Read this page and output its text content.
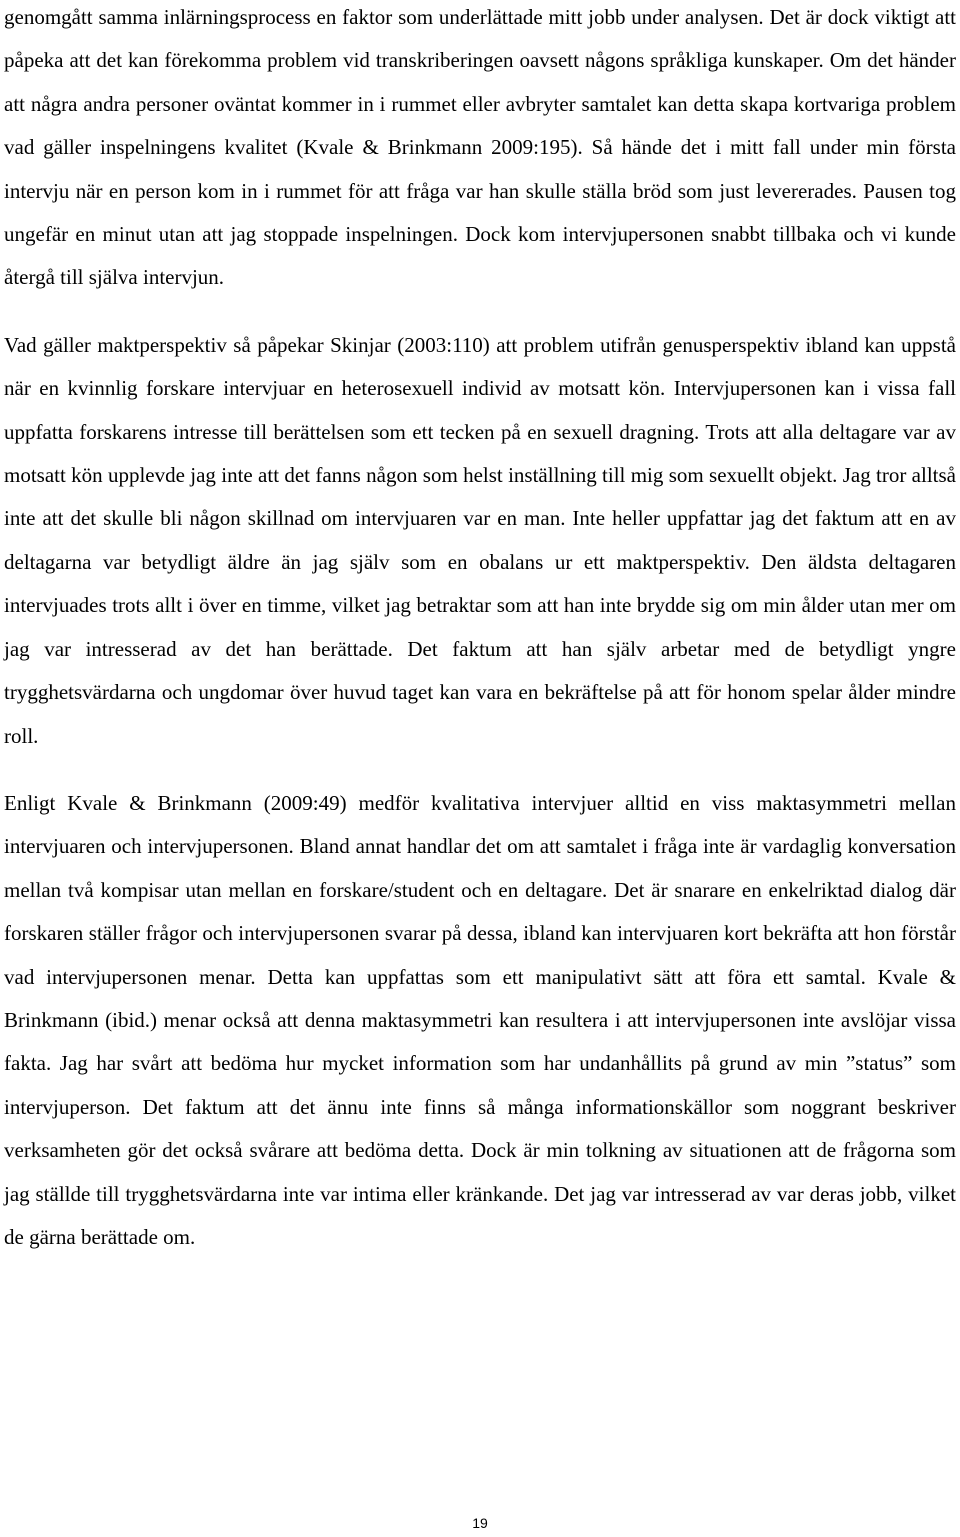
genomgått samma inlärningsprocess en faktor som underlättade mitt jobb under analysen. Det är dock viktigt att påpeka att det kan förekomma problem vid transkriberingen oavsett någons språkliga kunskaper. Om det händer att några andra personer oväntat kommer in i rummet eller avbryter samtalet kan detta skapa kortvariga problem vad gäller inspelningens kvalitet (Kvale & Brinkmann 2009:195). Så hände det i mitt fall under min första intervju när en person kom in i rummet för att fråga var han skulle ställa bröd som just levererades. Pausen tog ungefär en minut utan att jag stoppade inspelningen. Dock kom intervjupersonen snabbt tillbaka och vi kunde återgå till själva intervjun.

Vad gäller maktperspektiv så påpekar Skinjar (2003:110) att problem utifrån genusperspektiv ibland kan uppstå när en kvinnlig forskare intervjuar en heterosexuell individ av motsatt kön. Intervjupersonen kan i vissa fall uppfatta forskarens intresse till berättelsen som ett tecken på en sexuell dragning. Trots att alla deltagare var av motsatt kön upplevde jag inte att det fanns någon som helst inställning till mig som sexuellt objekt. Jag tror alltså inte att det skulle bli någon skillnad om intervjuaren var en man. Inte heller uppfattar jag det faktum att en av deltagarna var betydligt äldre än jag själv som en obalans ur ett maktperspektiv. Den äldsta deltagaren intervjuades trots allt i över en timme, vilket jag betraktar som att han inte brydde sig om min ålder utan mer om jag var intresserad av det han berättade. Det faktum att han själv arbetar med de betydligt yngre trygghetsvärdarna och ungdomar över huvud taget kan vara en bekräftelse på att för honom spelar ålder mindre roll.

Enligt Kvale & Brinkmann (2009:49) medför kvalitativa intervjuer alltid en viss maktasymmetri mellan intervjuaren och intervjupersonen. Bland annat handlar det om att samtalet i fråga inte är vardaglig konversation mellan två kompisar utan mellan en forskare/student och en deltagare. Det är snarare en enkelriktad dialog där forskaren ställer frågor och intervjupersonen svarar på dessa, ibland kan intervjuaren kort bekräfta att hon förstår vad intervjupersonen menar. Detta kan uppfattas som ett manipulativt sätt att föra ett samtal. Kvale & Brinkmann (ibid.) menar också att denna maktasymmetri kan resultera i att intervjupersonen inte avslöjar vissa fakta. Jag har svårt att bedöma hur mycket information som har undanhållits på grund av min ”status” som intervjuperson. Det faktum att det ännu inte finns så många informationskällor som noggrant beskriver verksamheten gör det också svårare att bedöma detta. Dock är min tolkning av situationen att de frågorna som jag ställde till trygghetsvärdarna inte var intima eller kränkande. Det jag var intresserad av var deras jobb, vilket de gärna berättade om.

19
